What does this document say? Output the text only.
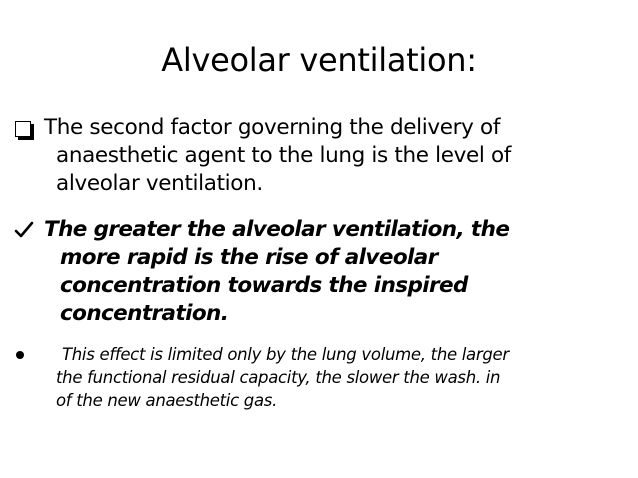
Alveolar ventilation:
The second factor governing the delivery of
anaesthetic agent to the lung is the level of
alveolar ventilation.
The greater the alveolar ventilation, the
more rapid is the rise of alveolar
concentration towards the inspired
concentration.
This effect is limited only by the lung volume, the larger
the functional residual capacity, the slower the wash. in
of the new anaesthetic gas.
